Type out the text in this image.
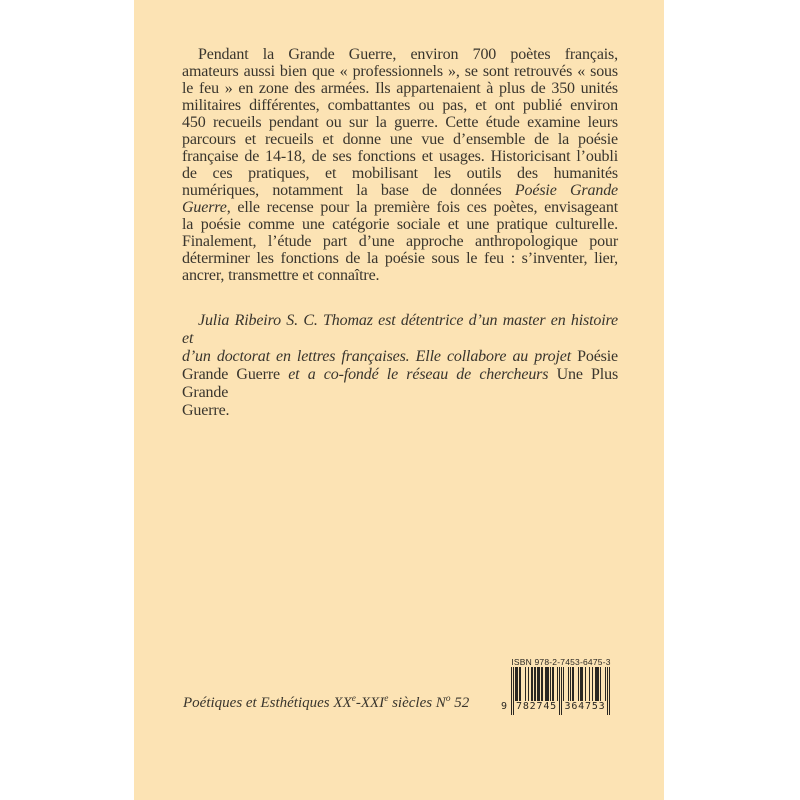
Pendant la Grande Guerre, environ 700 poètes français,
amateurs aussi bien que « professionnels », se sont retrouvés « sous
le feu » en zone des armées. Ils appartenaient à plus de 350 unités
militaires différentes, combattantes ou pas, et ont publié environ
450 recueils pendant ou sur la guerre. Cette étude examine leurs
parcours et recueils et donne une vue d’ensemble de la poésie
française de 14-18, de ses fonctions et usages. Historicisant l’oubli
de ces pratiques, et mobilisant les outils des humanités
numériques, notamment la base de données Poésie Grande
Guerre, elle recense pour la première fois ces poètes, envisageant
la poésie comme une catégorie sociale et une pratique culturelle.
Finalement, l’étude part d’une approche anthropologique pour
déterminer les fonctions de la poésie sous le feu : s’inventer, lier,
ancrer, transmettre et connaître.
Julia Ribeiro S. C. Thomaz est détentrice d’un master en histoire et
d’un doctorat en lettres françaises. Elle collabore au projet Poésie
Grande Guerre et a co-fondé le réseau de chercheurs Une Plus Grande
Guerre.
Poétiques et Esthétiques XXe-XXIe siècles $N^o$ 52
ISBN 978-2-7453-6475-3
9 782745 364753
